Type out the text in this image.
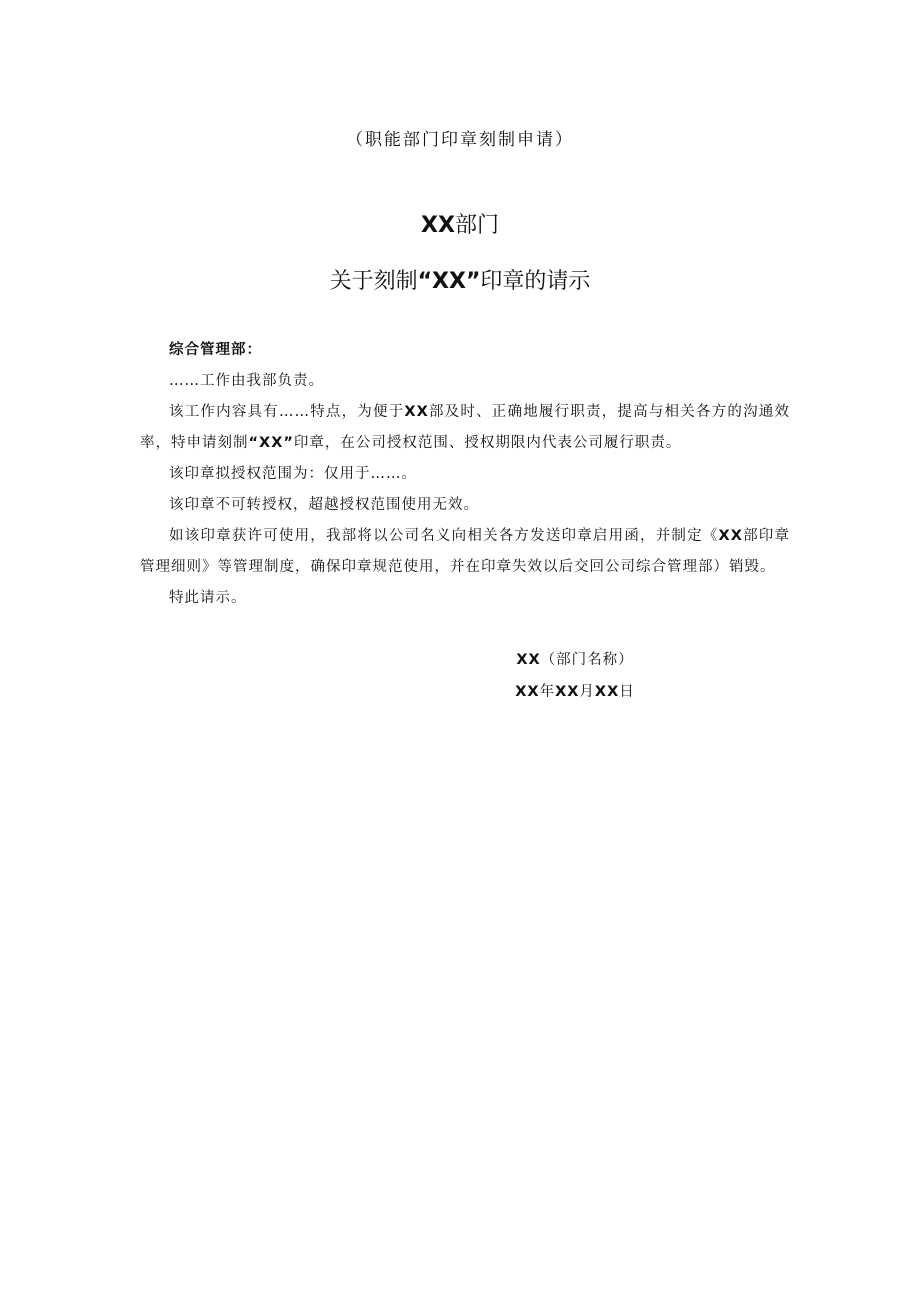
（职能部门印章刻制申请）
XX部门
关于刻制“XX”印章的请示

综合管理部：

……工作由我部负责。

该工作内容具有……特点，为便于XX部及时、正确地履行职责，提高与相关各方的沟通效率，特申请刻制“XX”印章，在公司授权范围、授权期限内代表公司履行职责。

该印章拟授权范围为：仅用于……。

该印章不可转授权，超越授权范围使用无效。

如该印章获许可使用，我部将以公司名义向相关各方发送印章启用函，并制定《XX部印章管理细则》等管理制度，确保印章规范使用，并在印章失效以后交回公司综合管理部）销毁。

特此请示。

XX（部门名称）
XX年XX月XX日
